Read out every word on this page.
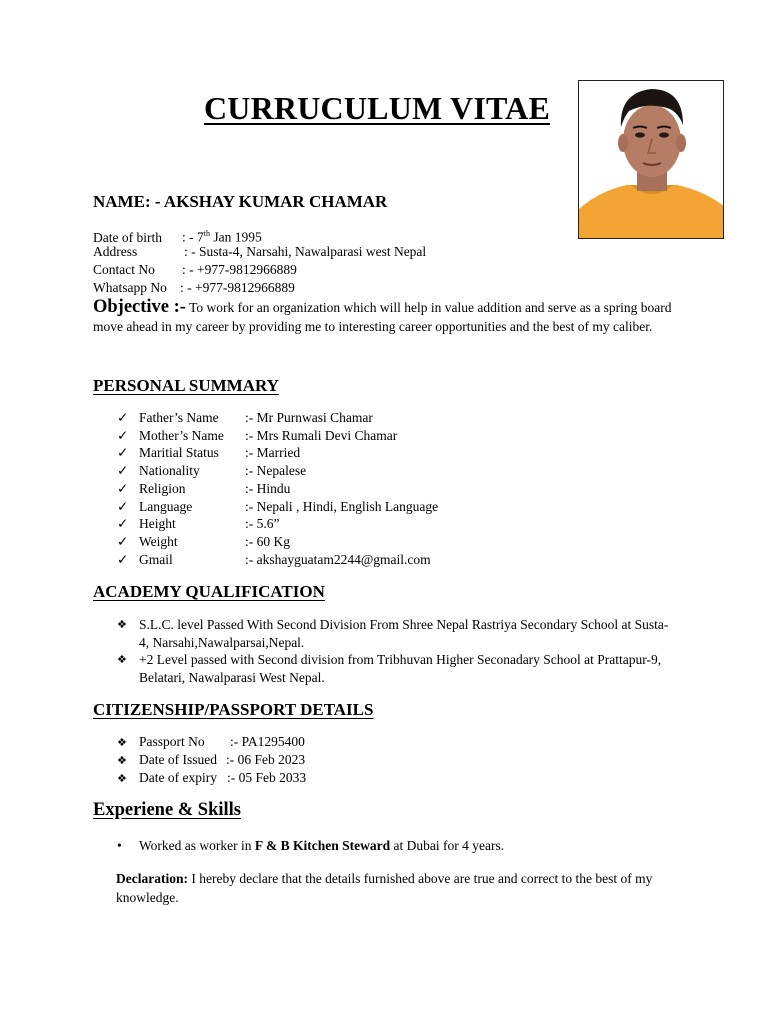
CURRUCULUM VITAE
NAME: - AKSHAY KUMAR CHAMAR
Date of birth : - 7th Jan 1995
Address	: - Susta-4, Narsahi, Nawalparasi west Nepal
Contact No : - +977-9812966889
Whatsapp No : - +977-9812966889
Objective :- To work for an organization which will help in value addition and serve as a spring board move ahead in my career by providing me to interesting career opportunities and the best of my caliber.
PERSONAL SUMMARY
✓ Father’s Name :- Mr Purnwasi Chamar
✓ Mother’s Name :- Mrs Rumali Devi Chamar
✓ Maritial Status :- Married
✓ Nationality	:- Nepalese
✓ Religion	:- Hindu
✓ Language	:- Nepali , Hindi, English Language
✓ Height	:- 5.6”
✓ Weight	:- 60 Kg
✓ Gmail	:- akshayguatam2244@gmail.com
ACADEMY QUALIFICATION
❖ S.L.C. level Passed With Second Division From Shree Nepal Rastriya Secondary School at Susta- 4, Narsahi,Nawalparsai,Nepal.
❖ +2 Level passed with Second division from Tribhuvan Higher Seconadary School at Prattapur-9, Belatari, Nawalparasi West Nepal.
CITIZENSHIP/PASSPORT DETAILS
❖ Passport No :- PA1295400
❖ Date of Issued :- 06 Feb 2023
❖ Date of expiry :- 05 Feb 2033
Experiene & Skills
• Worked as worker in F & B Kitchen Steward at Dubai for 4 years.
Declaration: I hereby declare that the details furnished above are true and correct to the best of my knowledge.
